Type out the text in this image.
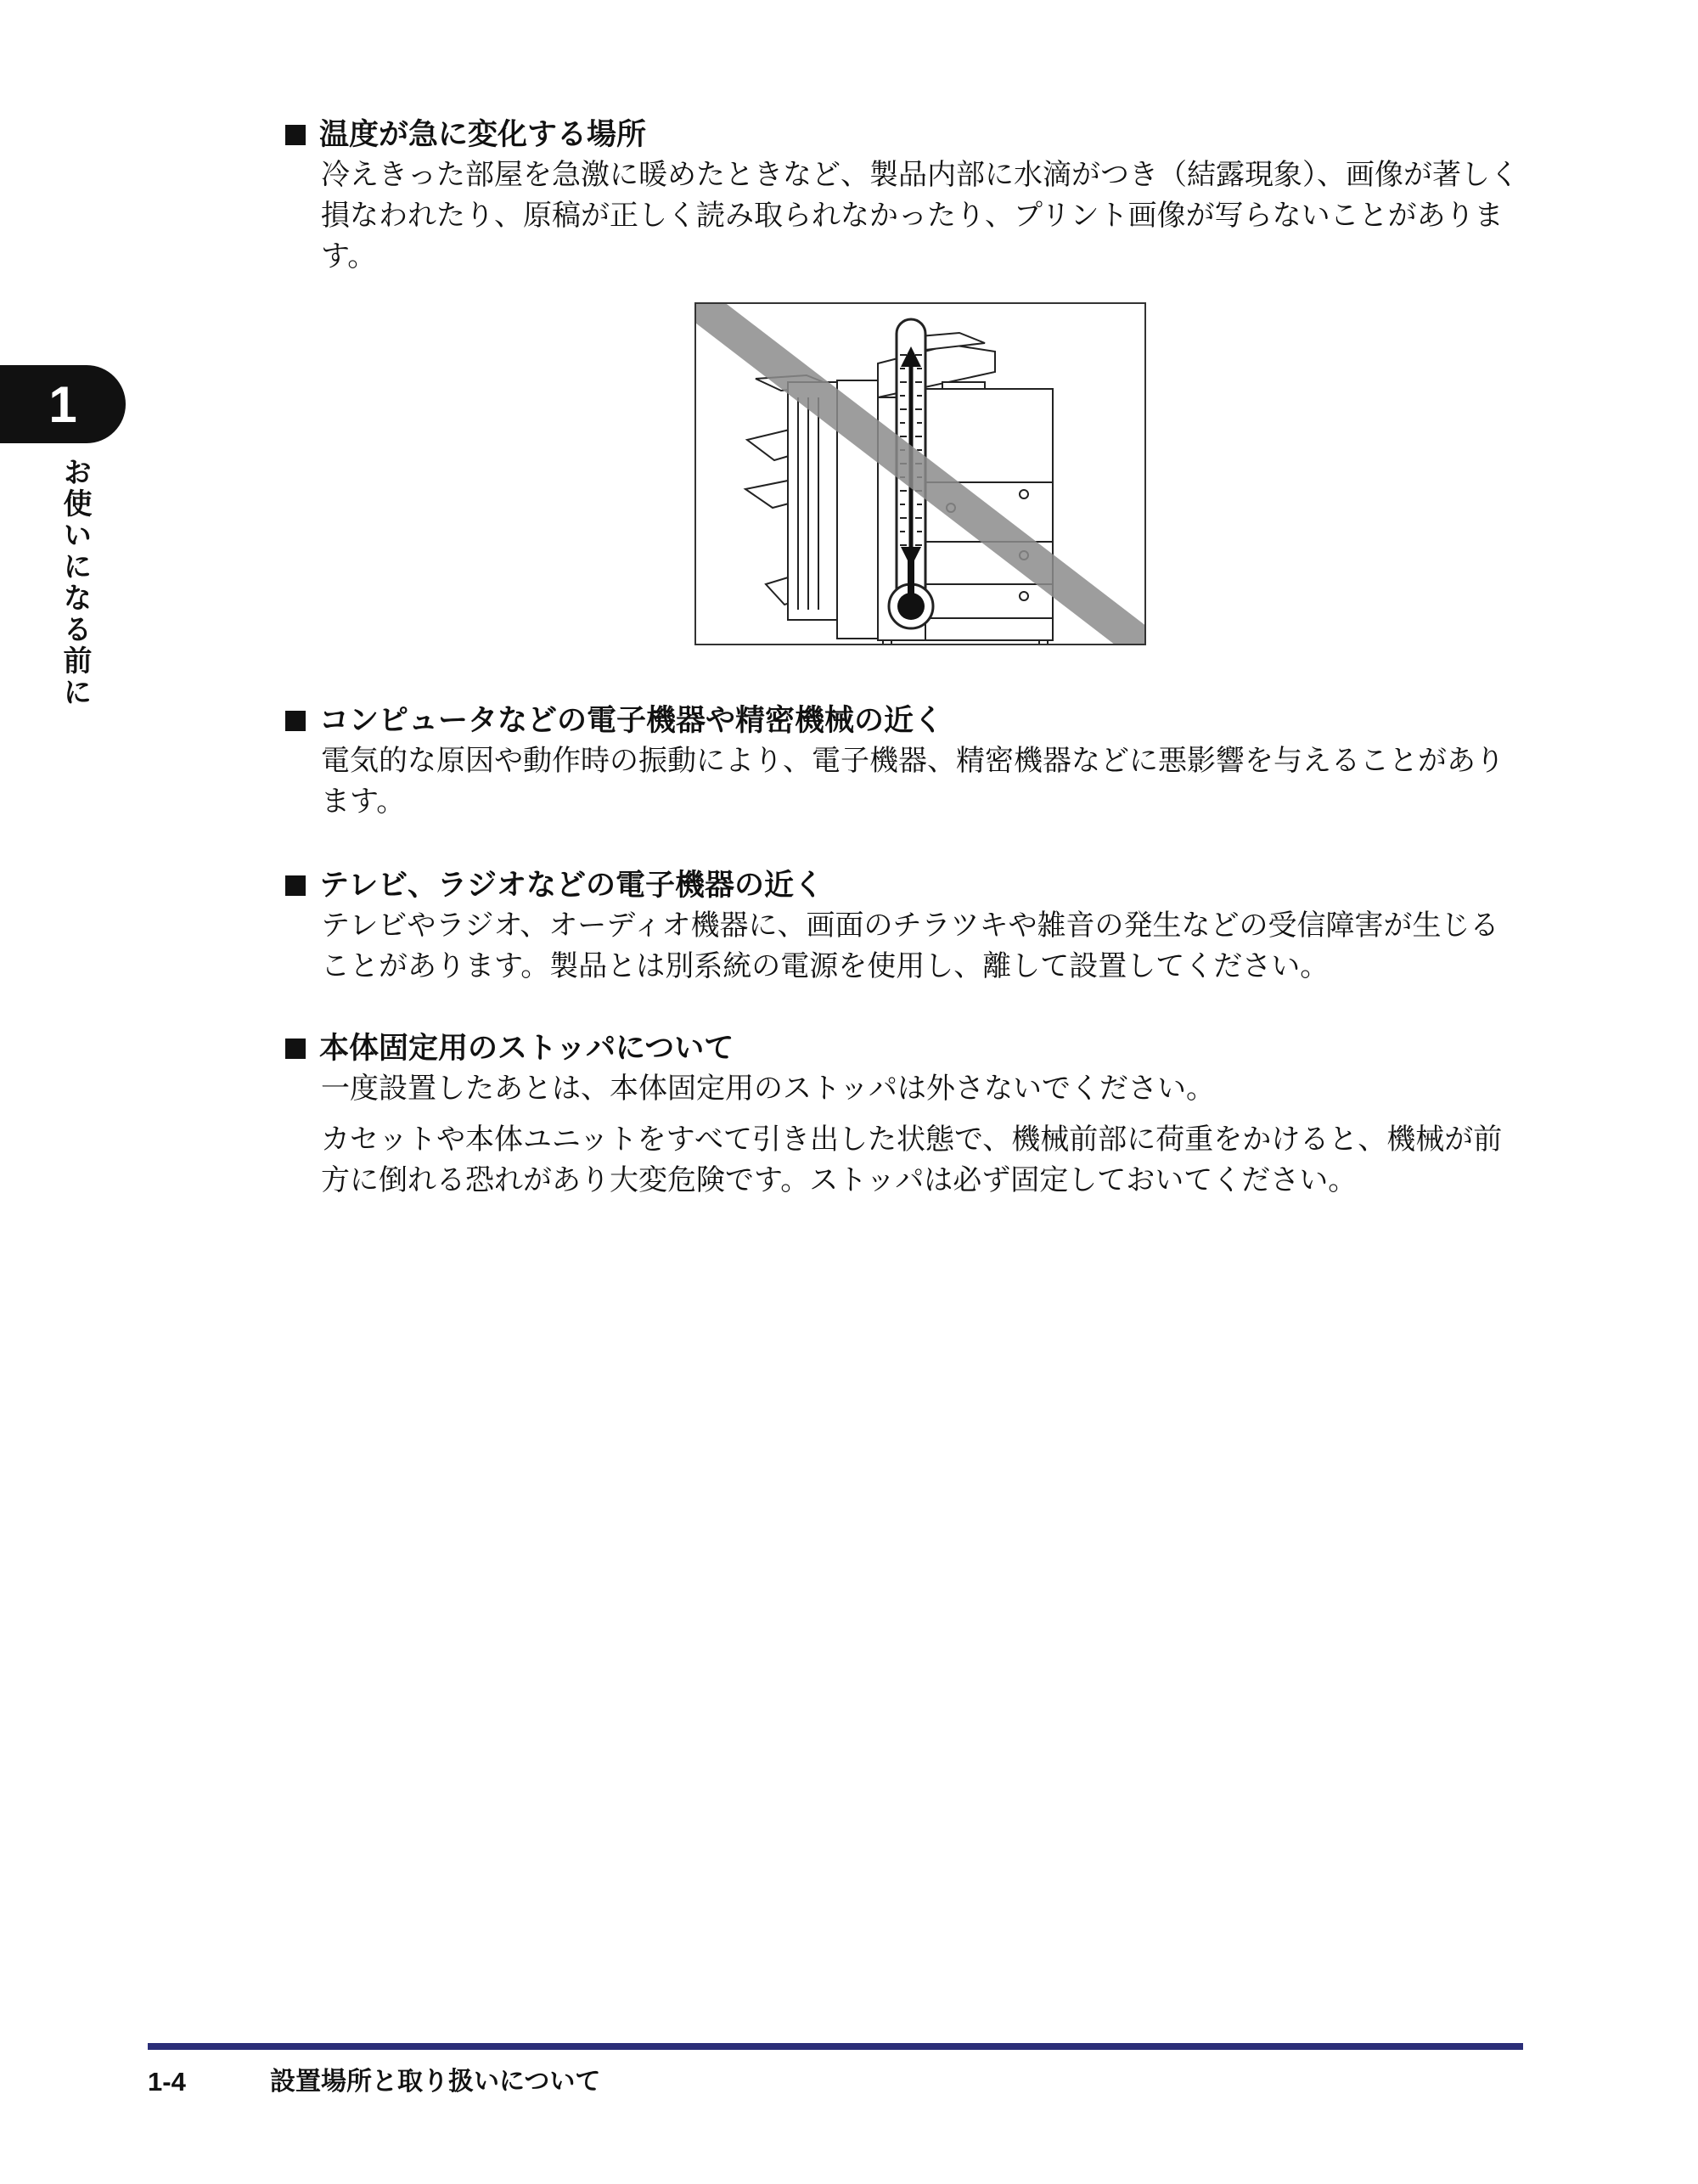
1
お使いになる前に
温度が急に変化する場所

冷えきった部屋を急激に暖めたときなど、製品内部に水滴がつき（結露現象）、画像が著しく損なわれたり、原稿が正しく読み取られなかったり、プリント画像が写らないことがあります。

コンピュータなどの電子機器や精密機械の近く

電気的な原因や動作時の振動により、電子機器、精密機器などに悪影響を与えることがあります。

テレビ、ラジオなどの電子機器の近く

テレビやラジオ、オーディオ機器に、画面のチラツキや雑音の発生などの受信障害が生じることがあります。製品とは別系統の電源を使用し、離して設置してください。

本体固定用のストッパについて

一度設置したあとは、本体固定用のストッパは外さないでください。

カセットや本体ユニットをすべて引き出した状態で、機械前部に荷重をかけると、機械が前方に倒れる恐れがあり大変危険です。ストッパは必ず固定しておいてください。

1-4	設置場所と取り扱いについて
